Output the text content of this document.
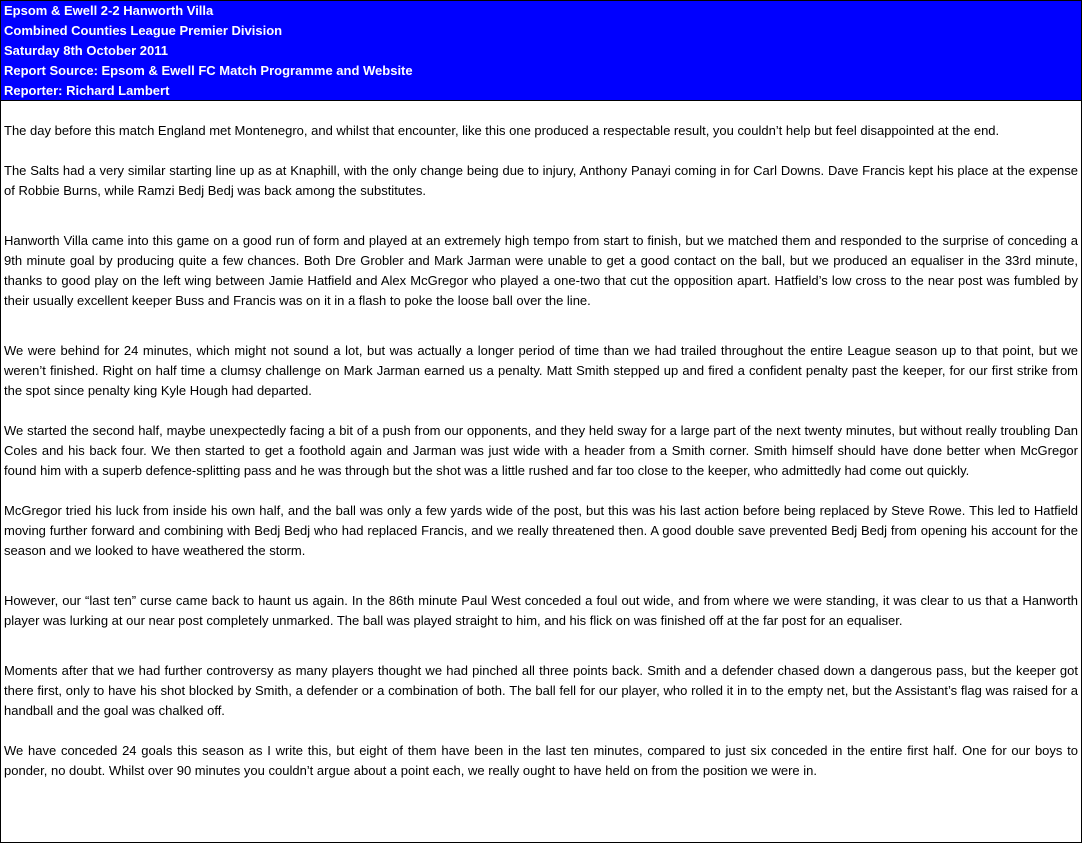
Epsom & Ewell 2-2 Hanworth Villa
Combined Counties League Premier Division
Saturday 8th October 2011
Report Source: Epsom & Ewell FC Match Programme and Website
Reporter: Richard Lambert

The day before this match England met Montenegro, and whilst that encounter, like this one produced a respectable result, you couldn’t help but feel disappointed at the end.

The Salts had a very similar starting line up as at Knaphill, with the only change being due to injury, Anthony Panayi coming in for Carl Downs. Dave Francis kept his place at the expense of Robbie Burns, while Ramzi Bedj Bedj was back among the substitutes.

Hanworth Villa came into this game on a good run of form and played at an extremely high tempo from start to finish, but we matched them and responded to the surprise of conceding a 9th minute goal by producing quite a few chances. Both Dre Grobler and Mark Jarman were unable to get a good contact on the ball, but we produced an equaliser in the 33rd minute, thanks to good play on the left wing between Jamie Hatfield and Alex McGregor who played a one-two that cut the opposition apart. Hatfield’s low cross to the near post was fumbled by their usually excellent keeper Buss and Francis was on it in a flash to poke the loose ball over the line.

We were behind for 24 minutes, which might not sound a lot, but was actually a longer period of time than we had trailed throughout the entire League season up to that point, but we weren’t finished. Right on half time a clumsy challenge on Mark Jarman earned us a penalty. Matt Smith stepped up and fired a confident penalty past the keeper, for our first strike from the spot since penalty king Kyle Hough had departed.

We started the second half, maybe unexpectedly facing a bit of a push from our opponents, and they held sway for a large part of the next twenty minutes, but without really troubling Dan Coles and his back four. We then started to get a foothold again and Jarman was just wide with a header from a Smith corner. Smith himself should have done better when McGregor found him with a superb defence-splitting pass and he was through but the shot was a little rushed and far too close to the keeper, who admittedly had come out quickly.

McGregor tried his luck from inside his own half, and the ball was only a few yards wide of the post, but this was his last action before being replaced by Steve Rowe. This led to Hatfield moving further forward and combining with Bedj Bedj who had replaced Francis, and we really threatened then. A good double save prevented Bedj Bedj from opening his account for the season and we looked to have weathered the storm.

However, our “last ten” curse came back to haunt us again. In the 86th minute Paul West conceded a foul out wide, and from where we were standing, it was clear to us that a Hanworth player was lurking at our near post completely unmarked. The ball was played straight to him, and his flick on was finished off at the far post for an equaliser.

Moments after that we had further controversy as many players thought we had pinched all three points back. Smith and a defender chased down a dangerous pass, but the keeper got there first, only to have his shot blocked by Smith, a defender or a combination of both. The ball fell for our player, who rolled it in to the empty net, but the Assistant’s flag was raised for a handball and the goal was chalked off.

We have conceded 24 goals this season as I write this, but eight of them have been in the last ten minutes, compared to just six conceded in the entire first half. One for our boys to ponder, no doubt. Whilst over 90 minutes you couldn’t argue about a point each, we really ought to have held on from the position we were in.
